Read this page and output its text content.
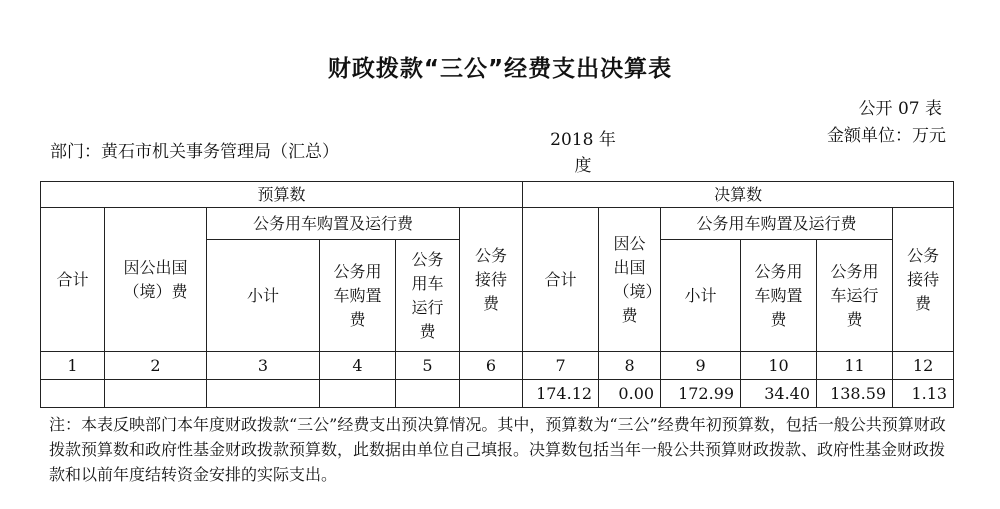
财政拨款“三公”经费支出决算表
公开 07 表
部门：黄石市机关事务管理局（汇总）
2018 年度
金额单位：万元
预算数						决算数					
合计	因公出国（境）费	公务用车购置及运行费			公务接待费	合计	因公出国（境）费	公务用车购置及运行费			公务接待费

		小计	公务用车购置费	公务用车运行费				小计	公务用车购置费	公务用车运行费	

1	2	3	4	5	6	7	8	9	10	11	12
						174.12	0.00	172.99	34.40	138.59	1.13
注：本表反映部门本年度财政拨款“三公”经费支出预决算情况。其中，预算数为“三公”经费年初预算数，包括一般公共预算财政拨款预算数和政府性基金财政拨款预算数，此数据由单位自己填报。决算数包括当年一般公共预算财政拨款、政府性基金财政拨款和以前年度结转资金安排的实际支出。
